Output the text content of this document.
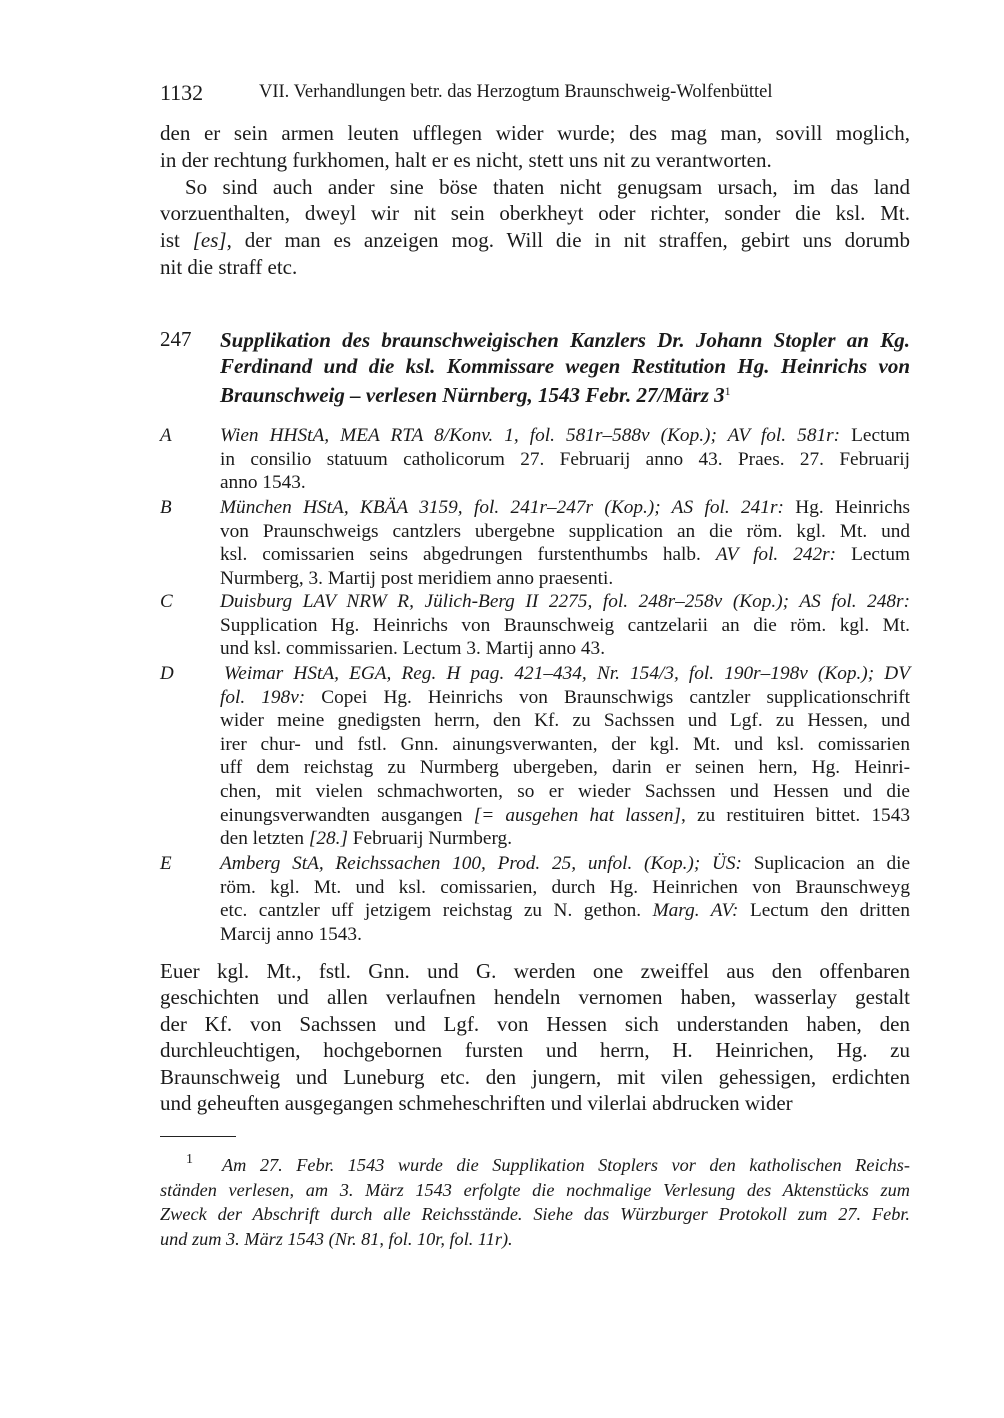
1132	VII. Verhandlungen betr. das Herzogtum Braunschweig-Wolfenbüttel
den er sein armen leuten ufflegen wider wurde; des mag man, sovill moglich,
in der rechtung furkhomen, halt er es nicht, stett uns nit zu verantworten.
So sind auch ander sine böse thaten nicht genugsam ursach, im das land
vorzuenthalten, dweyl wir nit sein oberkheyt oder richter, sonder die ksl. Mt.
ist [es], der man es anzeigen mog. Will die in nit straffen, gebirt uns dorumb
nit die straff etc.
247 Supplikation des braunschweigischen Kanzlers Dr. Johann Stopler an Kg.
Ferdinand und die ksl. Kommissare wegen Restitution Hg. Heinrichs von
Braunschweig – verlesen Nürnberg, 1543 Febr. 27/März $3^1$
A	Wien HHStA, MEA RTA 8/Konv. 1, fol. 581r–588v (Kop.); AV fol. 581r: Lectum
in consilio statuum catholicorum 27. Februarij anno 43. Praes. 27. Februarij
anno 1543.
B	München HStA, KBÄA 3159, fol. 241r–247r (Kop.); AS fol. 241r: Hg. Heinrichs
von Praunschweigs cantzlers ubergebne supplication an die röm. kgl. Mt. und
ksl. comissarien seins abgedrungen furstenthumbs halb. AV fol. 242r: Lectum
Nurmberg, 3. Martij post meridiem anno praesenti.
C Duisburg LAV NRW R, Jülich-Berg II 2275, fol. 248r–258v (Kop.); AS fol. 248r:
Supplication Hg. Heinrichs von Braunschweig cantzelarii an die röm. kgl. Mt.
und ksl. commissarien. Lectum 3. Martij anno 43.
D	Weimar HStA, EGA, Reg. H pag. 421–434, Nr. 154/3, fol. 190r–198v (Kop.); DV
fol. 198v: Copei Hg. Heinrichs von Braunschwigs cantzler supplicationschrift
wider meine gnedigsten herrn, den Kf. zu Sachssen und Lgf. zu Hessen, und
irer chur- und fstl. Gnn. ainungsverwanten, der kgl. Mt. und ksl. comissarien
uff dem reichstag zu Nurmberg ubergeben, darin er seinen hern, Hg. Heinri-
chen, mit vielen schmachworten, so er wieder Sachssen und Hessen und die
einungsverwandten ausgangen [= ausgehen hat lassen], zu restituiren bittet. 1543
den letzten [28.] Februarij Nurmberg.
E	Amberg StA, Reichssachen 100, Prod. 25, unfol. (Kop.); ÜS: Suplicacion an die
röm. kgl. Mt. und ksl. comissarien, durch Hg. Heinrichen von Braunschweyg
etc. cantzler uff jetzigem reichstag zu N. gethon. Marg. AV: Lectum den dritten
Marcij anno 1543.
Euer kgl. Mt., fstl. Gnn. und G. werden one zweiffel aus den offenbaren
geschichten und allen verlaufnen hendeln vernomen haben, wasserlay gestalt
der Kf. von Sachssen und Lgf. von Hessen sich understanden haben, den
durchleuchtigen, hochgebornen fursten und herrn, H. Heinrichen, Hg. zu
Braunschweig und Luneburg etc. den jungern, mit vilen gehessigen, erdichten
und geheuften ausgegangen schmeheschriften und vilerlai abdrucken wider
1	Am 27. Febr. 1543 wurde die Supplikation Stoplers vor den katholischen Reichs-
ständen verlesen, am 3. März 1543 erfolgte die nochmalige Verlesung des Aktenstücks zum
Zweck der Abschrift durch alle Reichsstände. Siehe das Würzburger Protokoll zum 27. Febr.
und zum 3. März 1543 (Nr. 81, fol. 10r, fol. 11r).
